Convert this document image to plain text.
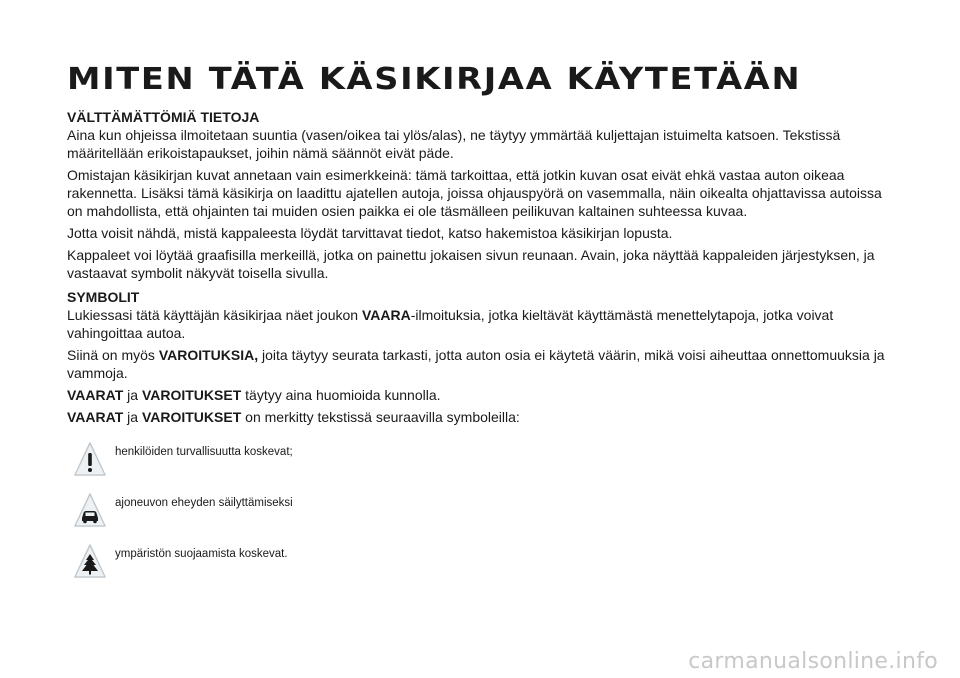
MITEN TÄTÄ KÄSIKIRJAA KÄYTETÄÄN

VÄLTTÄMÄTTÖMIÄ TIETOJA

Aina kun ohjeissa ilmoitetaan suuntia (vasen/oikea tai ylös/alas), ne täytyy ymmärtää kuljettajan istuimelta katsoen. Tekstissä määritellään erikoistapaukset, joihin nämä säännöt eivät päde.

Omistajan käsikirjan kuvat annetaan vain esimerkkeinä: tämä tarkoittaa, että jotkin kuvan osat eivät ehkä vastaa auton oikeaa rakennetta. Lisäksi tämä käsikirja on laadittu ajatellen autoja, joissa ohjauspyörä on vasemmalla, näin oikealta ohjattavissa autoissa on mahdollista, että ohjainten tai muiden osien paikka ei ole täsmälleen peilikuvan kaltainen suhteessa kuvaa.

Jotta voisit nähdä, mistä kappaleesta löydät tarvittavat tiedot, katso hakemistoa käsikirjan lopusta.

Kappaleet voi löytää graafisilla merkeillä, jotka on painettu jokaisen sivun reunaan. Avain, joka näyttää kappaleiden järjestyksen, ja vastaavat symbolit näkyvät toisella sivulla.

SYMBOLIT

Lukiessasi tätä käyttäjän käsikirjaa näet joukon VAARA-ilmoituksia, jotka kieltävät käyttämästä menettelytapoja, jotka voivat vahingoittaa autoa.

Siinä on myös VAROITUKSIA, joita täytyy seurata tarkasti, jotta auton osia ei käytetä väärin, mikä voisi aiheuttaa onnettomuuksia ja vammoja.

VAARAT ja VAROITUKSET täytyy aina huomioida kunnolla.

VAARAT ja VAROITUKSET on merkitty tekstissä seuraavilla symboleilla:

henkilöiden turvallisuutta koskevat;
ajoneuvon eheyden säilyttämiseksi
ympäristön suojaamista koskevat.
carmanualsonline.info
